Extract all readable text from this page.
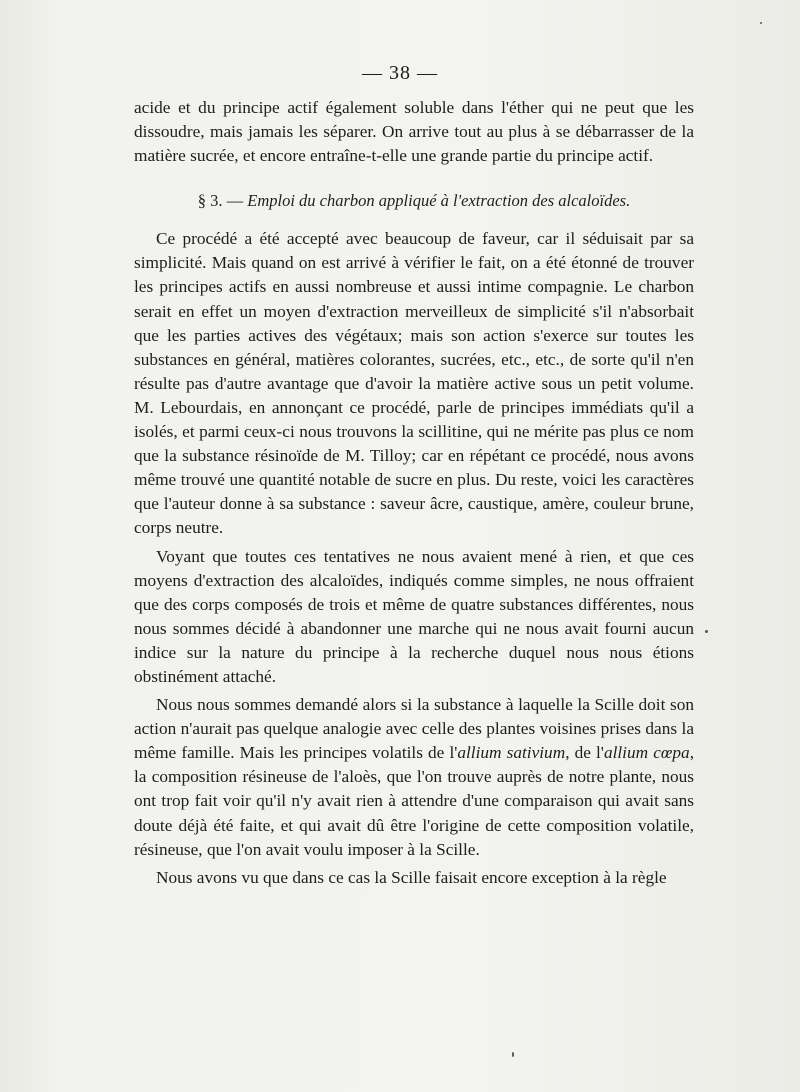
— 38 —

acide et du principe actif également soluble dans l'éther qui ne peut que les dissoudre, mais jamais les séparer. On arrive tout au plus à se débarrasser de la matière sucrée, et encore entraîne-t-elle une grande partie du principe actif.

§ 3. — Emploi du charbon appliqué à l'extraction des alcaloïdes.

Ce procédé a été accepté avec beaucoup de faveur, car il séduisait par sa simplicité. Mais quand on est arrivé à vérifier le fait, on a été étonné de trouver les principes actifs en aussi nombreuse et aussi intime compagnie. Le charbon serait en effet un moyen d'extraction merveilleux de simplicité s'il n'absorbait que les parties actives des végétaux; mais son action s'exerce sur toutes les substances en général, matières colorantes, sucrées, etc., etc., de sorte qu'il n'en résulte pas d'autre avantage que d'avoir la matière active sous un petit volume. M. Lebourdais, en annonçant ce procédé, parle de principes immédiats qu'il a isolés, et parmi ceux-ci nous trouvons la scillitine, qui ne mérite pas plus ce nom que la substance résinoïde de M. Tilloy; car en répétant ce procédé, nous avons même trouvé une quantité notable de sucre en plus. Du reste, voici les caractères que l'auteur donne à sa substance : saveur âcre, caustique, amère, couleur brune, corps neutre.

Voyant que toutes ces tentatives ne nous avaient mené à rien, et que ces moyens d'extraction des alcaloïdes, indiqués comme simples, ne nous offraient que des corps composés de trois et même de quatre substances différentes, nous nous sommes décidé à abandonner une marche qui ne nous avait fourni aucun indice sur la nature du principe à la recherche duquel nous nous étions obstinément attaché.

Nous nous sommes demandé alors si la substance à laquelle la Scille doit son action n'aurait pas quelque analogie avec celle des plantes voisines prises dans la même famille. Mais les principes volatils de l'allium sativium, de l'allium cœpa, la composition résineuse de l'aloès, que l'on trouve auprès de notre plante, nous ont trop fait voir qu'il n'y avait rien à attendre d'une comparaison qui avait sans doute déjà été faite, et qui avait dû être l'origine de cette composition volatile, résineuse, que l'on avait voulu imposer à la Scille.

Nous avons vu que dans ce cas la Scille faisait encore exception à la règle
